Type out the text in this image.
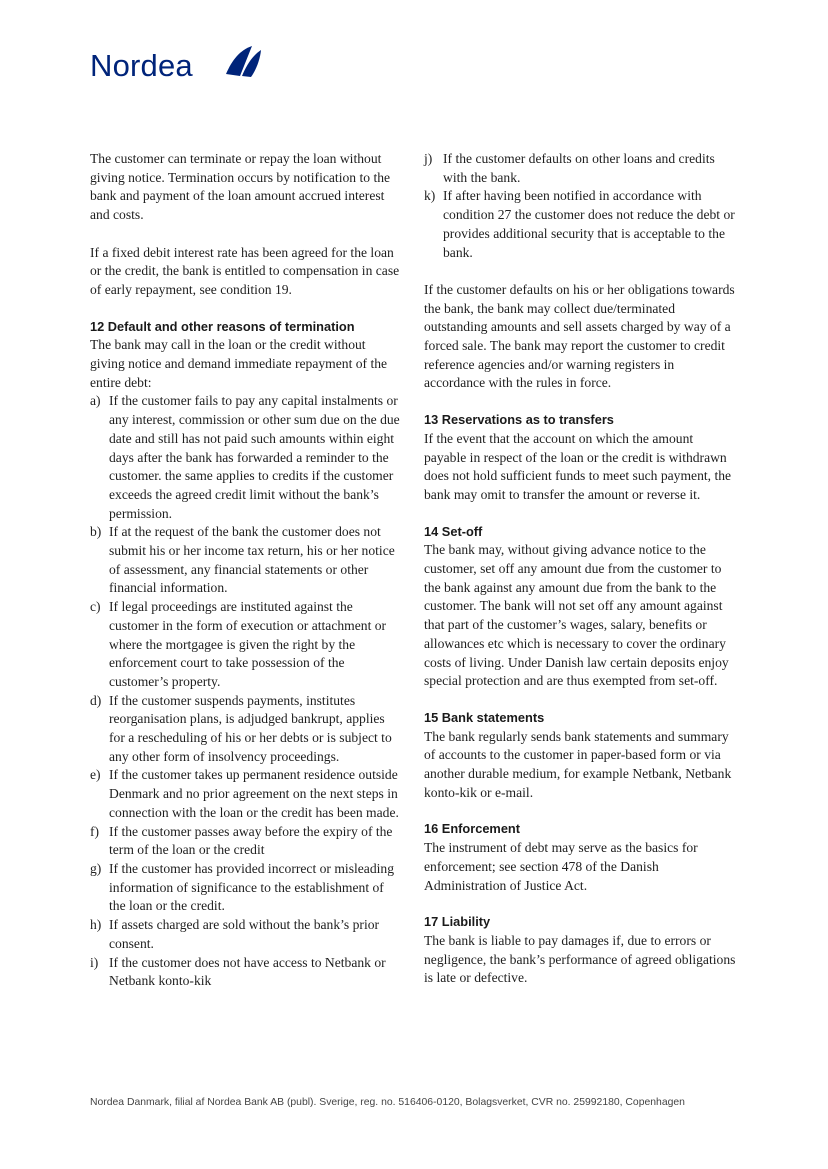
Nordea

The customer can terminate or repay the loan without giving notice. Termination occurs by notification to the bank and payment of the loan amount accrued interest and costs.

If a fixed debit interest rate has been agreed for the loan or the credit, the bank is entitled to compensation in case of early repayment, see condition 19.

12 Default and other reasons of termination

The bank may call in the loan or the credit without giving notice and demand immediate repayment of the entire debt:

a) If the customer fails to pay any capital instalments or any interest, commission or other sum due on the due date and still has not paid such amounts within eight days after the bank has forwarded a reminder to the customer. the same applies to credits if the customer exceeds the agreed credit limit without the bank’s permission.
b) If at the request of the bank the customer does not submit his or her income tax return, his or her notice of assessment, any financial statements or other financial information.
c) If legal proceedings are instituted against the customer in the form of execution or attachment or where the mortgagee is given the right by the enforcement court to take possession of the customer’s property.
d) If the customer suspends payments, institutes reorganisation plans, is adjudged bankrupt, applies for a rescheduling of his or her debts or is subject to any other form of insolvency proceedings.
e) If the customer takes up permanent residence outside Denmark and no prior agreement on the next steps in connection with the loan or the credit has been made.
f) If the customer passes away before the expiry of the term of the loan or the credit
g) If the customer has provided incorrect or misleading information of significance to the establishment of the loan or the credit.
h) If assets charged are sold without the bank’s prior consent.
i) If the customer does not have access to Netbank or Netbank konto-kik
j) If the customer defaults on other loans and credits with the bank.
k) If after having been notified in accordance with condition 27 the customer does not reduce the debt or provides additional security that is acceptable to the bank.

If the customer defaults on his or her obligations towards the bank, the bank may collect due/terminated outstanding amounts and sell assets charged by way of a forced sale. The bank may report the customer to credit reference agencies and/or warning registers in accordance with the rules in force.

13 Reservations as to transfers

If the event that the account on which the amount payable in respect of the loan or the credit is withdrawn does not hold sufficient funds to meet such payment, the bank may omit to transfer the amount or reverse it.

14 Set-off

The bank may, without giving advance notice to the customer, set off any amount due from the customer to the bank against any amount due from the bank to the customer. The bank will not set off any amount against that part of the customer’s wages, salary, benefits or allowances etc which is necessary to cover the ordinary costs of living. Under Danish law certain deposits enjoy special protection and are thus exempted from set-off.

15 Bank statements

The bank regularly sends bank statements and summary of accounts to the customer in paper-based form or via another durable medium, for example Netbank, Netbank konto-kik or e-mail.

16 Enforcement

The instrument of debt may serve as the basics for enforcement; see section 478 of the Danish Administration of Justice Act.

17 Liability

The bank is liable to pay damages if, due to errors or negligence, the bank’s performance of agreed obligations is late or defective.

Nordea Danmark, filial af Nordea Bank AB (publ). Sverige, reg. no. 516406-0120, Bolagsverket, CVR no. 25992180, Copenhagen
